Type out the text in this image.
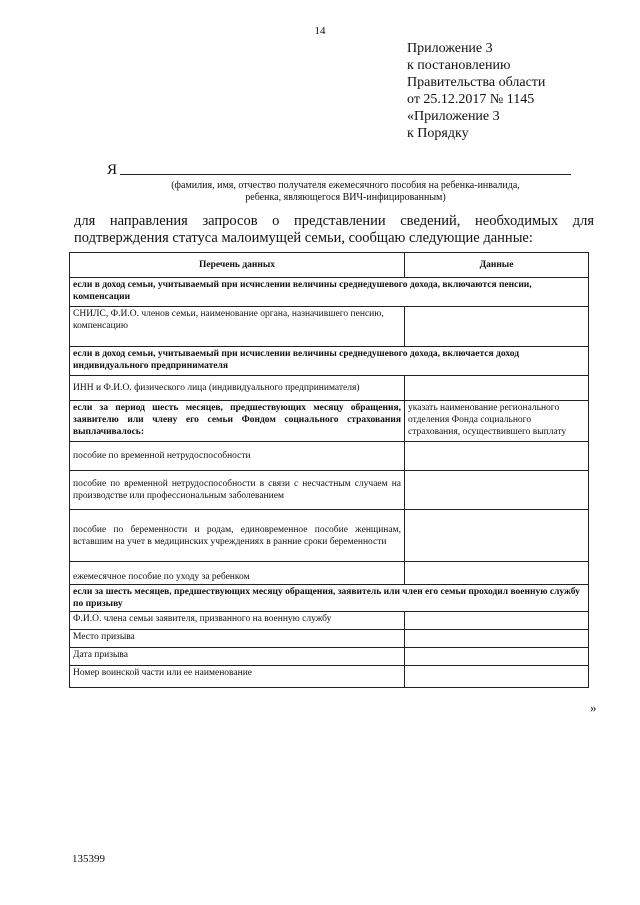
14
Приложение 3
к постановлению
Правительства области
от 25.12.2017 № 1145
«Приложение 3
к Порядку
Я
(фамилия, имя, отчество получателя ежемесячного пособия на ребенка-инвалида,
ребенка, являющегося ВИЧ-инфицированным)
для направления запросов о представлении сведений, необходимых для подтверждения статуса малоимущей семьи, сообщаю следующие данные:
Перечень данных	Данные
если в доход семьи, учитываемый при исчислении величины среднедушевого дохода, включаются пенсии, компенсации	
СНИЛС, Ф.И.О. членов семьи, наименование органа, назначившего пенсию, компенсацию	
если в доход семьи, учитываемый при исчислении величины среднедушевого дохода, включается доход индивидуального предпринимателя	
ИНН и Ф.И.О. физического лица (индивидуального предпринимателя)	
если за период шесть месяцев, предшествующих месяцу обращения, заявителю или члену его семьи Фондом социального страхования выплачивалось:	указать наименование регионального отделения Фонда социального страхования, осуществившего выплату
пособие по временной нетрудоспособности	
пособие по временной нетрудоспособности в связи с несчастным случаем на производстве или профессиональным заболеванием	
пособие по беременности и родам, единовременное пособие женщинам, вставшим на учет в медицинских учреждениях в ранние сроки беременности	
ежемесячное пособие по уходу за ребенком	
если за шесть месяцев, предшествующих месяцу обращения, заявитель или член его семьи проходил военную службу по призыву	
Ф.И.О. члена семьи заявителя, призванного на военную службу	
Место призыва	
Дата призыва	
Номер воинской части или ее наименование	
»
135399
